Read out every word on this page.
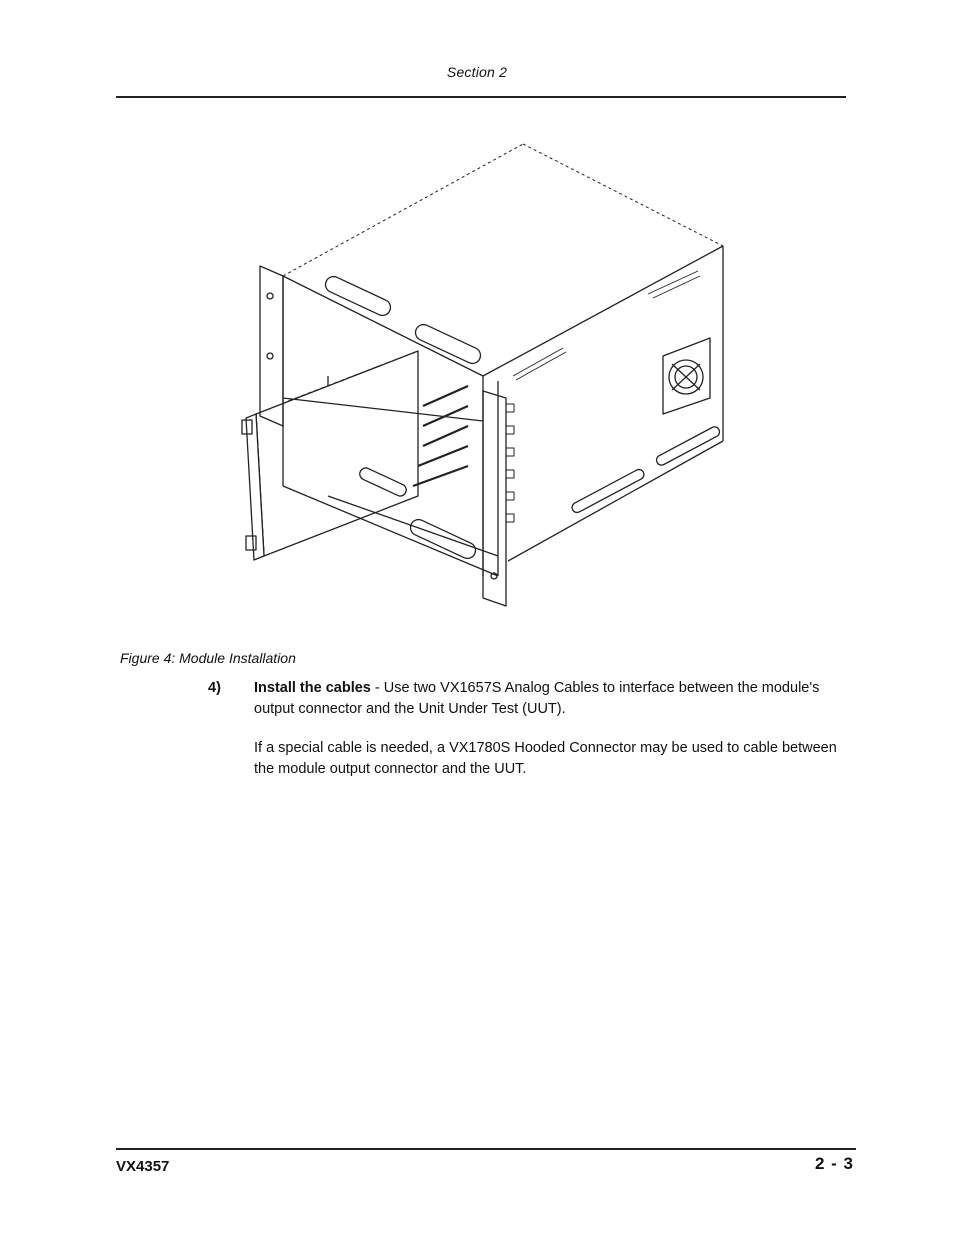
Section 2
Figure 4: Module Installation
4) Install the cables - Use two VX1657S Analog Cables to interface between the module's output connector and the Unit Under Test (UUT).
If a special cable is needed, a VX1780S Hooded Connector may be used to cable between the module output connector and the UUT.
VX4357	2 - 3
